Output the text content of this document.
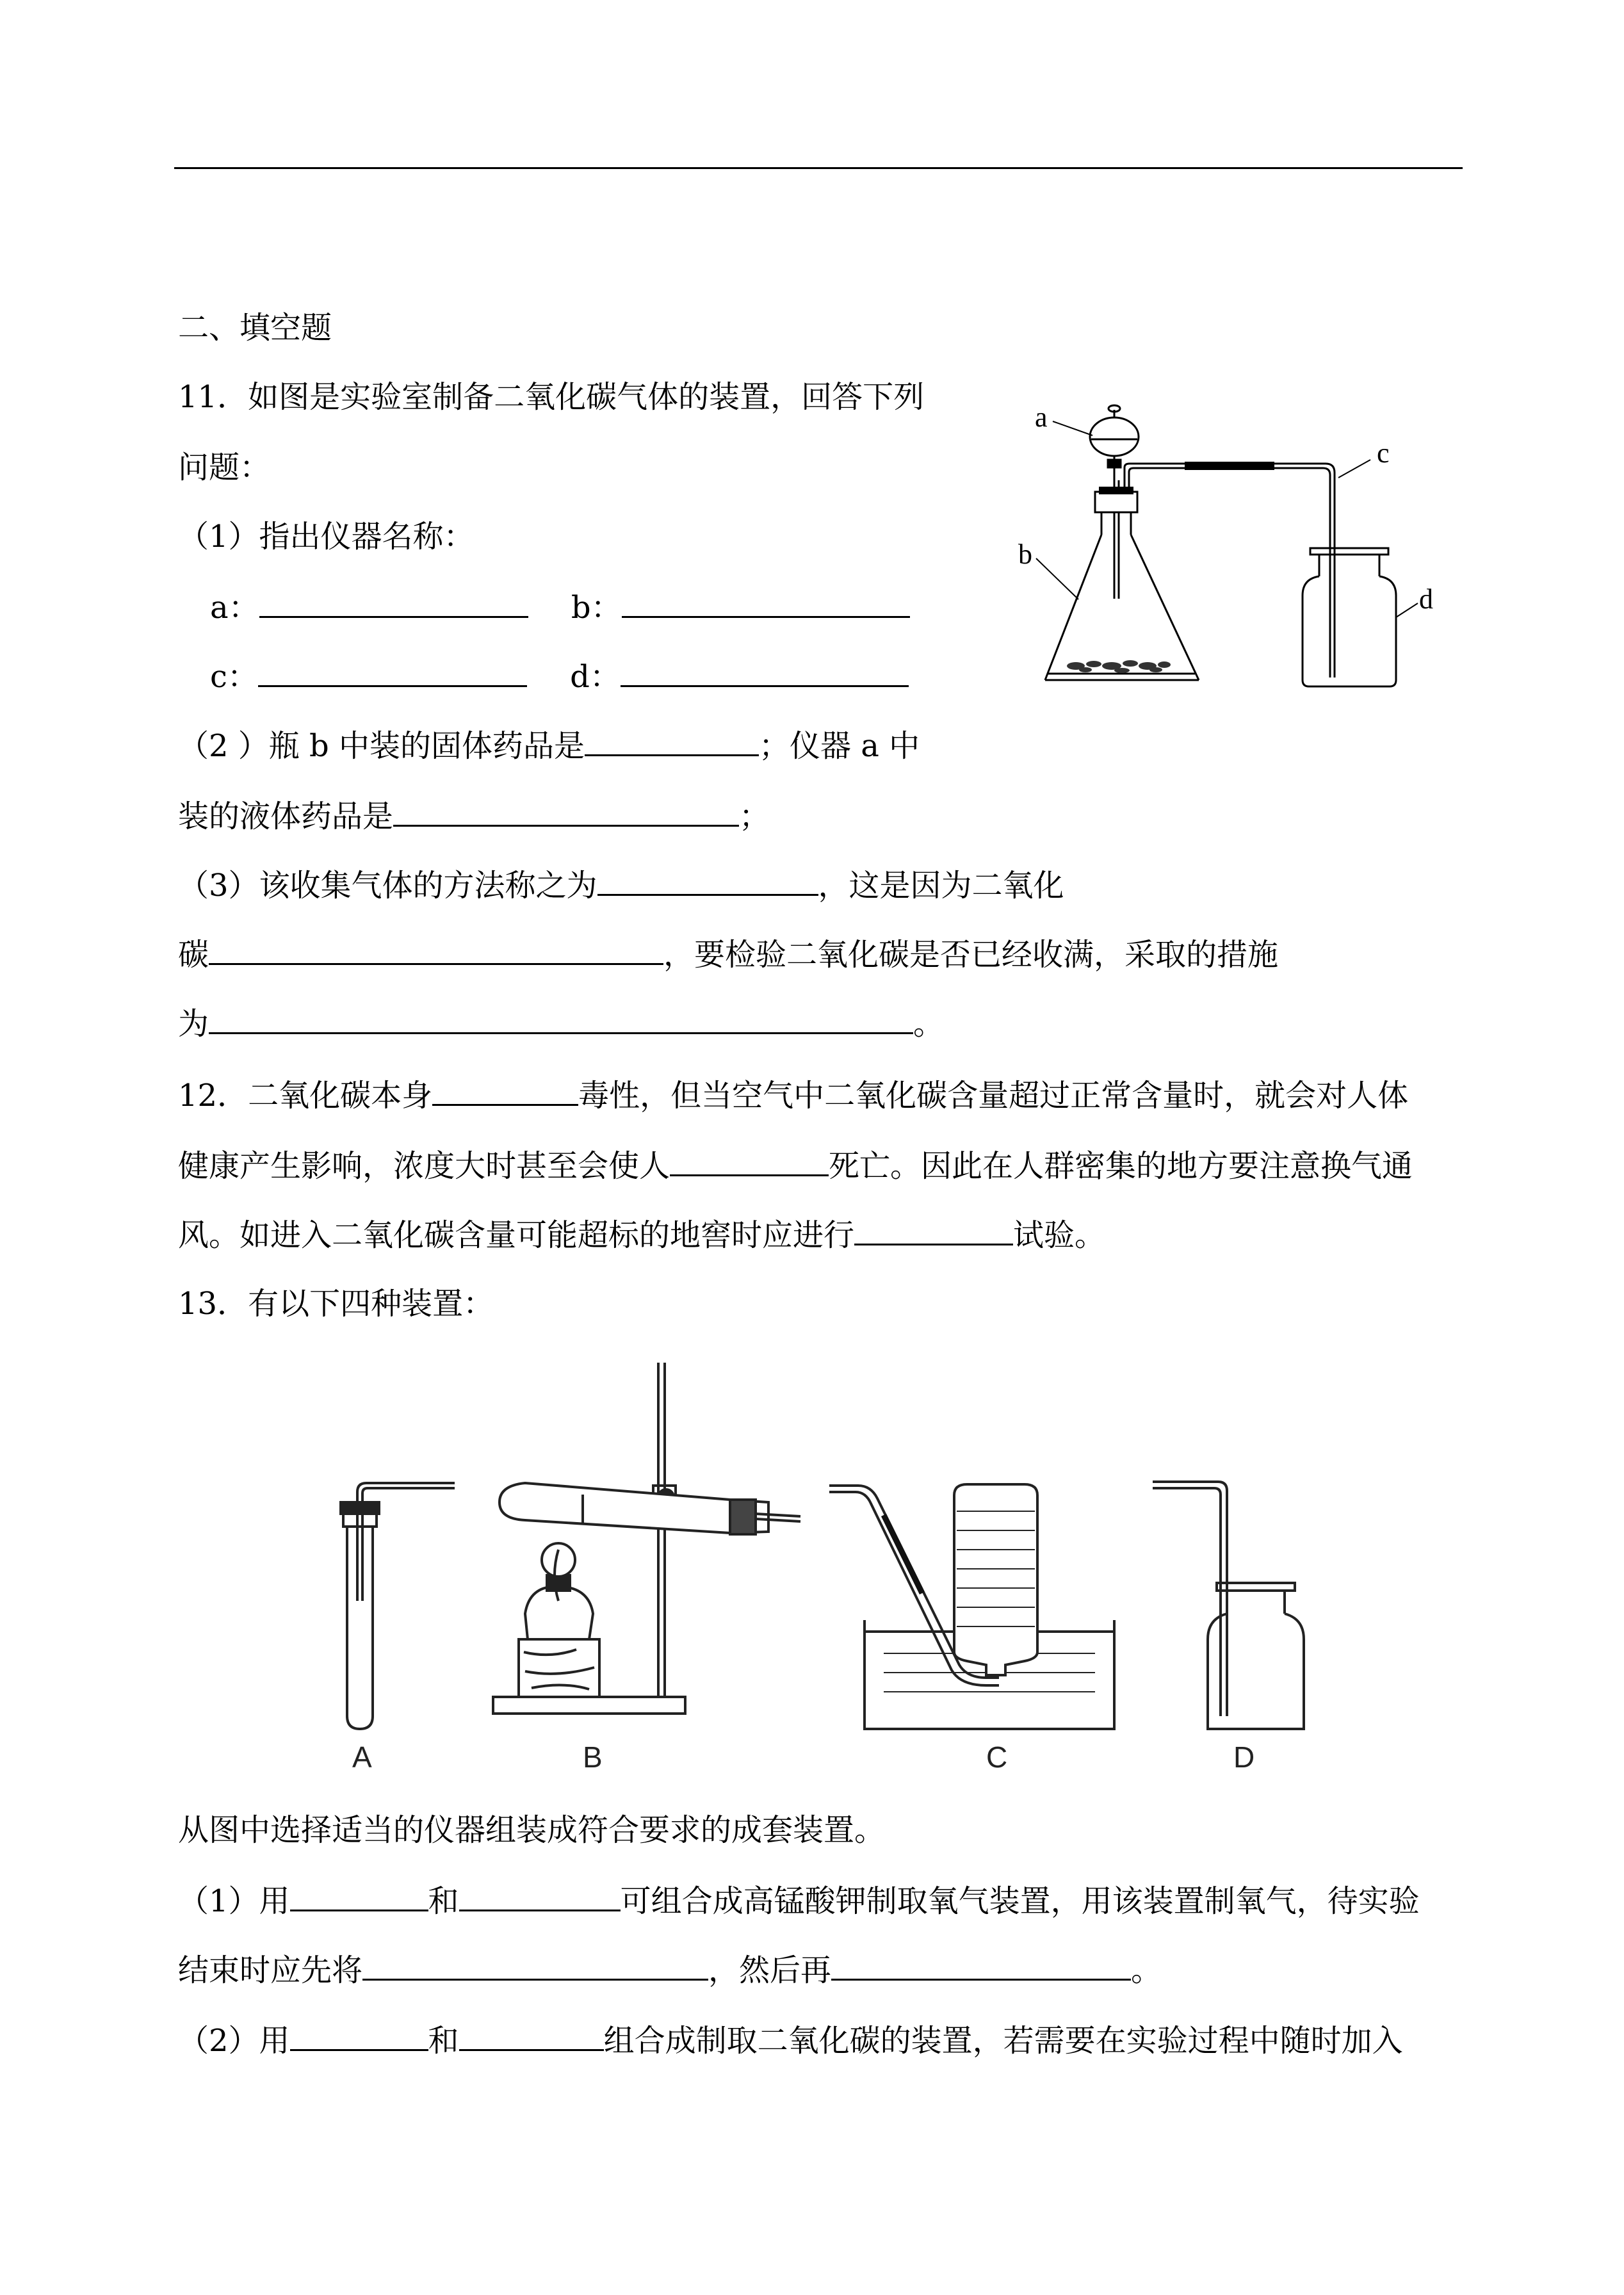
二、填空题
11．如图是实验室制备二氧化碳气体的装置，回答下列
问题：
（1）指出仪器名称：
a：	b：
c：	d：
（2 ）瓶 b 中装的固体药品是	；仪器 a 中
装的液体药品是	；
（3）该收集气体的方法称之为	，这是因为二氧化
碳	，要检验二氧化碳是否已经收满，采取的措施
为	。
a
c
b
d
12．二氧化碳本身	毒性，但当空气中二氧化碳含量超过正常含量时，就会对人体
健康产生影响，浓度大时甚至会使人	死亡。因此在人群密集的地方要注意换气通
风。如进入二氧化碳含量可能超标的地窖时应进行	试验。
13．有以下四种装置：
A	B	C	D
从图中选择适当的仪器组装成符合要求的成套装置。
（1）用	和	可组合成高锰酸钾制取氧气装置，用该装置制氧气，待实验
结束时应先将	，然后再	。
（2）用	和	组合成制取二氧化碳的装置，若需要在实验过程中随时加入
